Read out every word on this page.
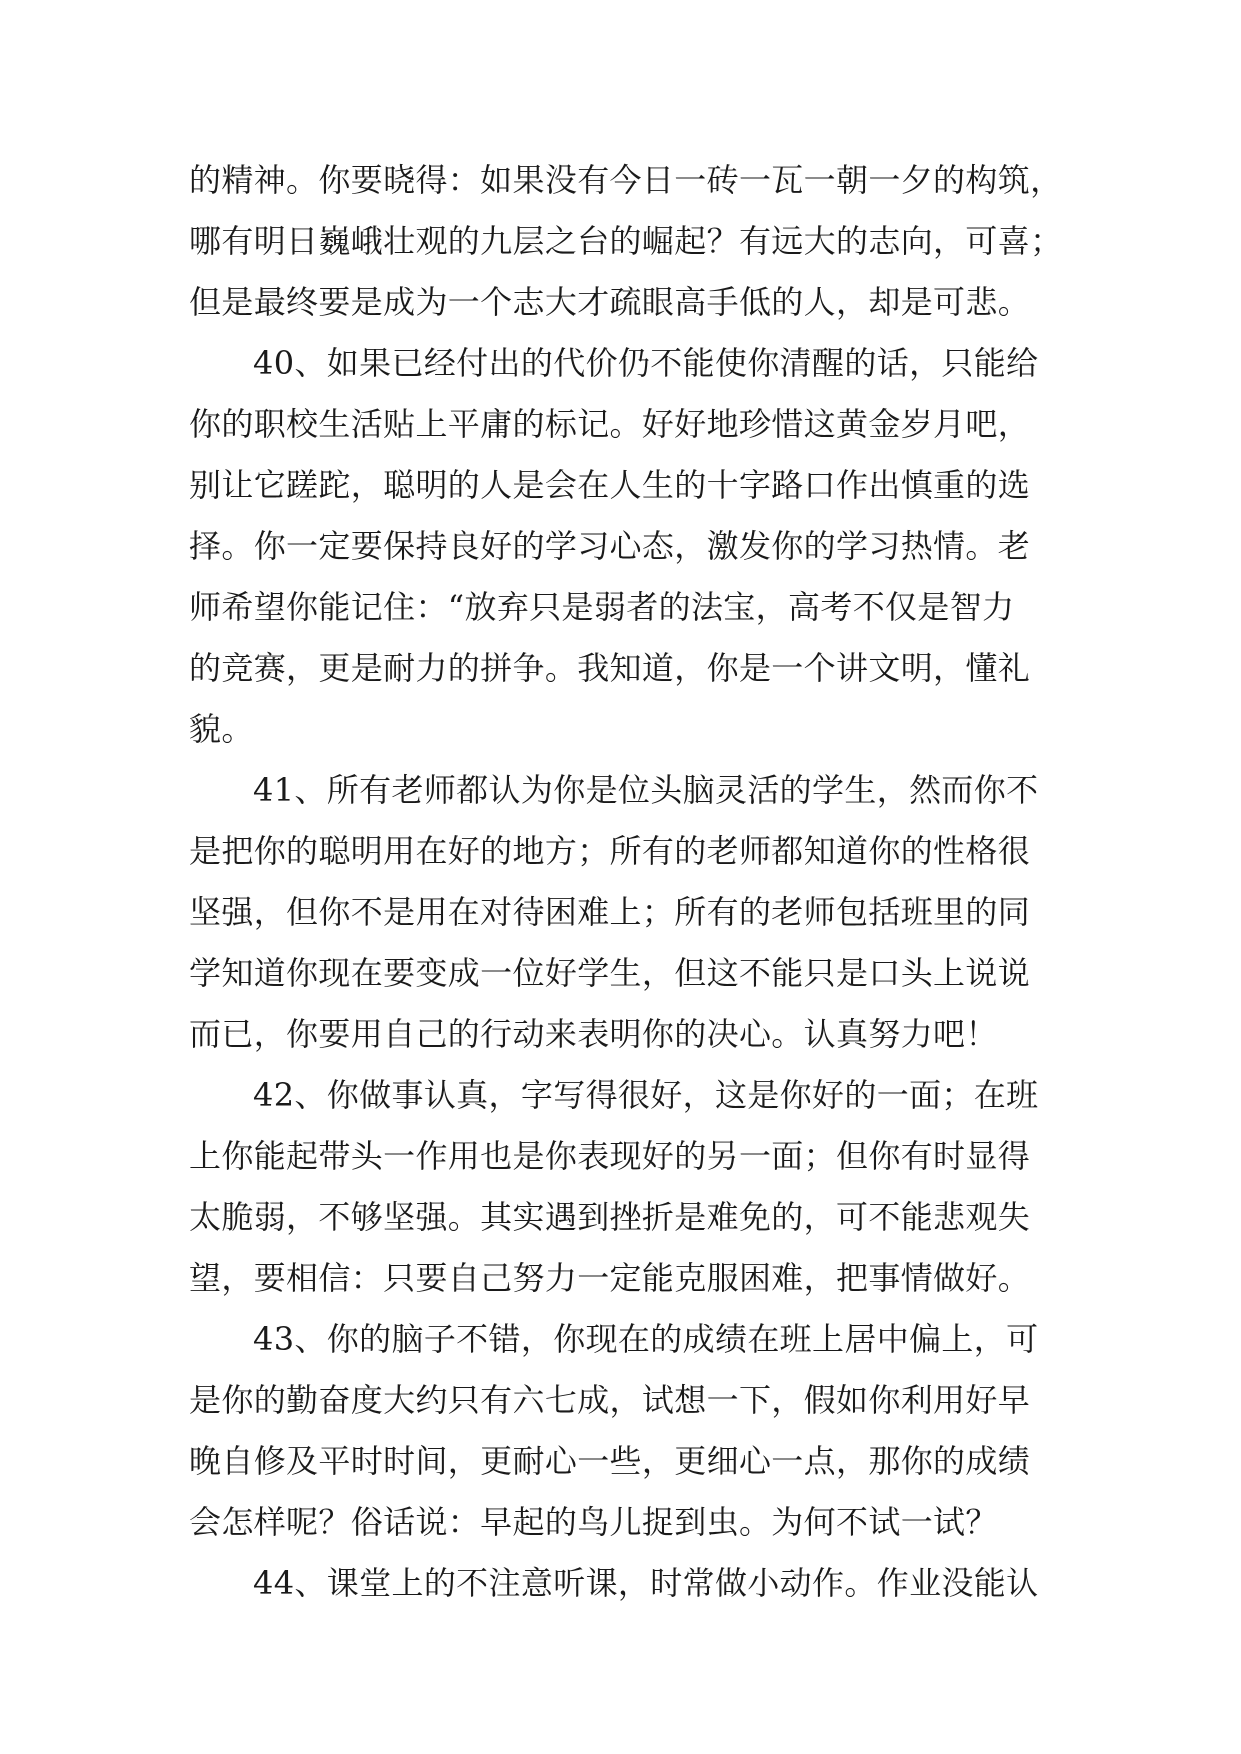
的精神。你要晓得：如果没有今日一砖一瓦一朝一夕的构筑，
哪有明日巍峨壮观的九层之台的崛起？有远大的志向，可喜；
但是最终要是成为一个志大才疏眼高手低的人，却是可悲。
40、如果已经付出的代价仍不能使你清醒的话，只能给
你的职校生活贴上平庸的标记。好好地珍惜这黄金岁月吧，
别让它蹉跎，聪明的人是会在人生的十字路口作出慎重的选
择。你一定要保持良好的学习心态，激发你的学习热情。老
师希望你能记住：“放弃只是弱者的法宝，高考不仅是智力
的竞赛，更是耐力的拼争。我知道，你是一个讲文明，懂礼
貌。
41、所有老师都认为你是位头脑灵活的学生，然而你不
是把你的聪明用在好的地方；所有的老师都知道你的性格很
坚强，但你不是用在对待困难上；所有的老师包括班里的同
学知道你现在要变成一位好学生，但这不能只是口头上说说
而已，你要用自己的行动来表明你的决心。认真努力吧！
42、你做事认真，字写得很好，这是你好的一面；在班
上你能起带头一作用也是你表现好的另一面；但你有时显得
太脆弱，不够坚强。其实遇到挫折是难免的，可不能悲观失
望，要相信：只要自己努力一定能克服困难，把事情做好。
43、你的脑子不错，你现在的成绩在班上居中偏上，可
是你的勤奋度大约只有六七成，试想一下，假如你利用好早
晚自修及平时时间，更耐心一些，更细心一点，那你的成绩
会怎样呢？俗话说：早起的鸟儿捉到虫。为何不试一试？
44、课堂上的不注意听课，时常做小动作。作业没能认
